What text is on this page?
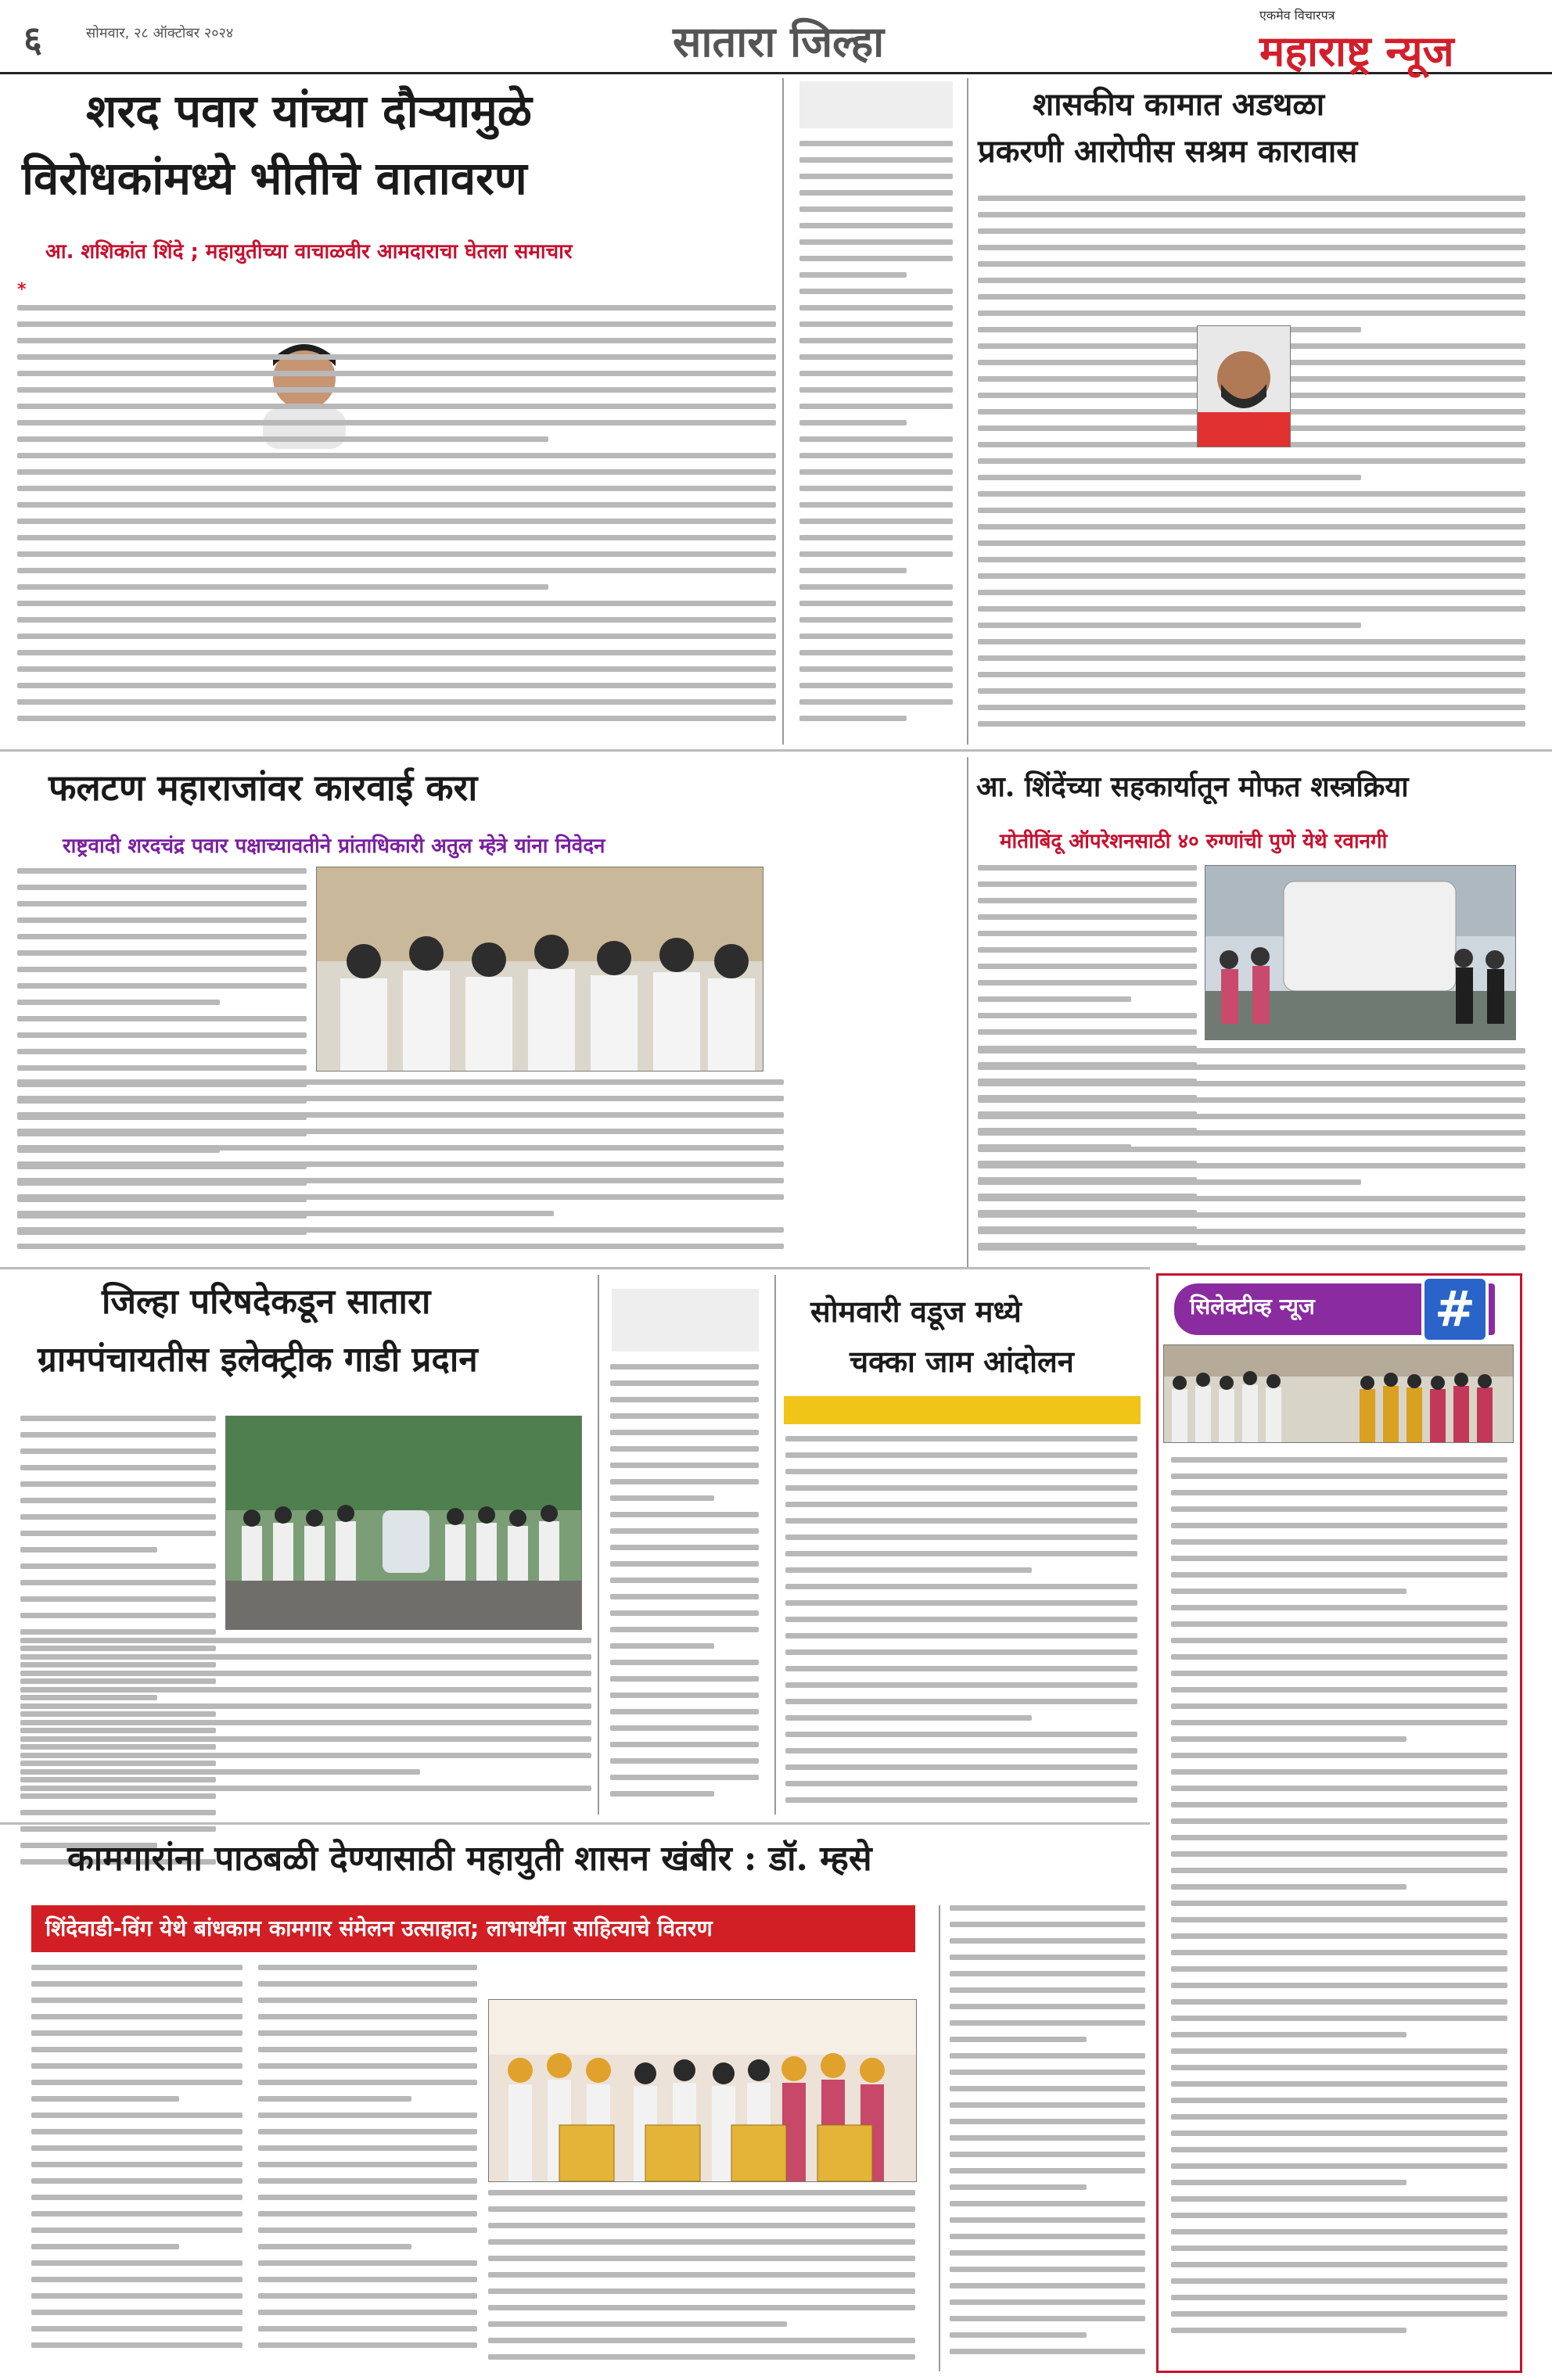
६	सोमवार, २८ ऑक्टोबर २०२४	सातारा जिल्हा
एकमेव विचारपत्र
महाराष्ट्र न्यूज
शरद पवार यांच्या दौऱ्यामुळे
विरोधकांमध्ये भीतीचे वातावरण
आ. शशिकांत शिंदे ; महायुतीच्या वाचाळवीर आमदाराचा घेतला समाचार
*
शासकीय कामात अडथळा
प्रकरणी आरोपीस सश्रम कारावास
फलटण महाराजांवर कारवाई करा
राष्ट्रवादी शरदचंद्र पवार पक्षाच्यावतीने प्रांताधिकारी अतुल म्हेत्रे यांना निवेदन
आ. शिंदेंच्या सहकार्यातून मोफत शस्त्रक्रिया
मोतीबिंदू ऑपरेशनसाठी ४० रुग्णांची पुणे येथे रवानगी
जिल्हा परिषदेकडून सातारा
ग्रामपंचायतीस इलेक्ट्रीक गाडी प्रदान
सोमवारी वडूज मध्ये
चक्का जाम आंदोलन
सिलेक्टीव्ह न्यूज #
कामगारांना पाठबळी देण्यासाठी महायुती शासन खंबीर : डॉ. म्हसे
शिंदेवाडी-विंग येथे बांधकाम कामगार संमेलन उत्साहात; लाभार्थींना साहित्याचे वितरण
